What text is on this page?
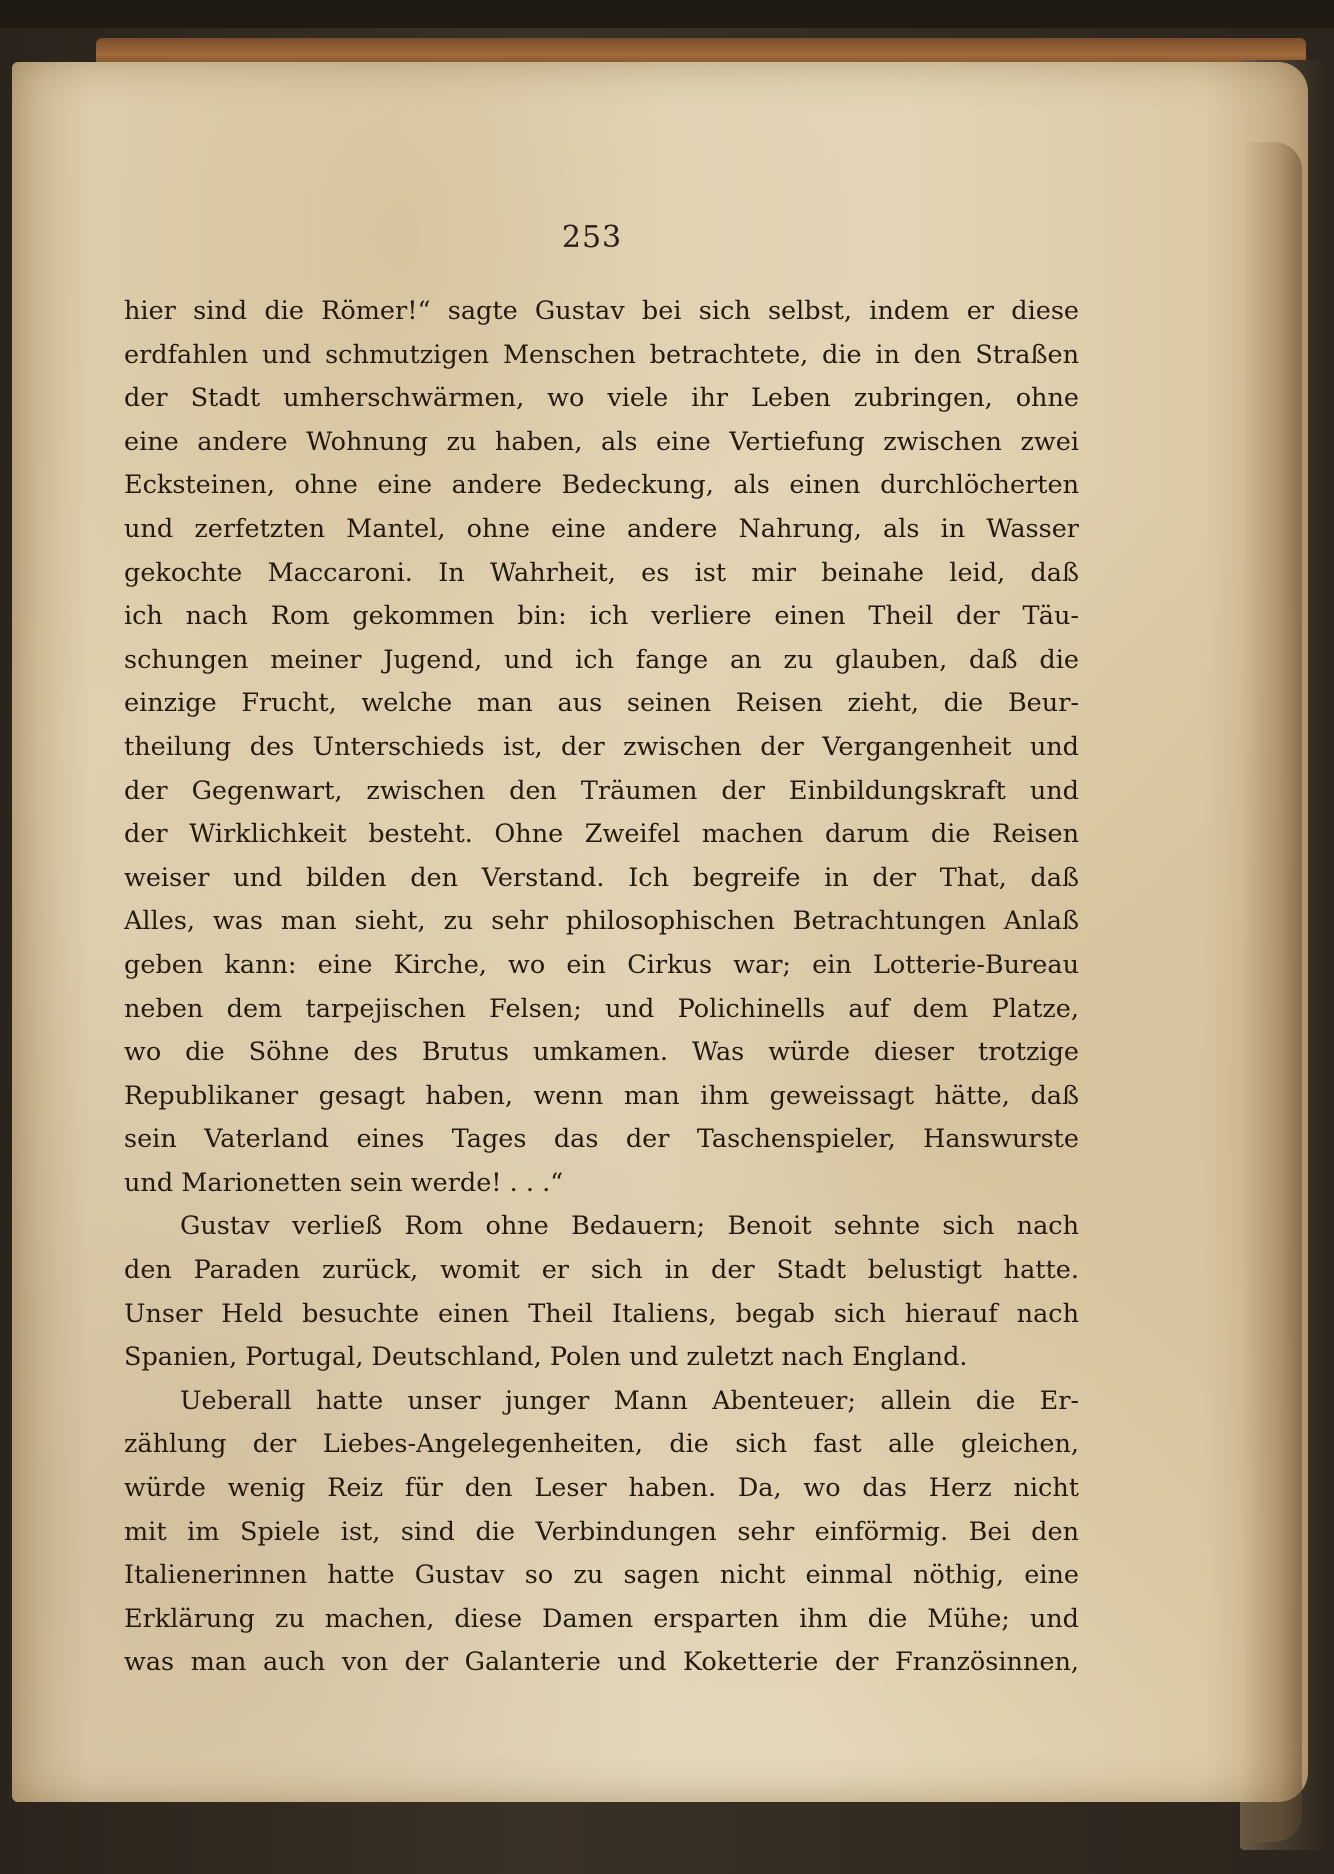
253
hier sind die Römer!“ sagte Gustav bei sich selbst, indem er diese
erdfahlen und schmutzigen Menschen betrachtete, die in den Straßen
der Stadt umherschwärmen, wo viele ihr Leben zubringen, ohne
eine andere Wohnung zu haben, als eine Vertiefung zwischen zwei
Ecksteinen, ohne eine andere Bedeckung, als einen durchlöcherten
und zerfetzten Mantel, ohne eine andere Nahrung, als in Wasser
gekochte Maccaroni. In Wahrheit, es ist mir beinahe leid, daß
ich nach Rom gekommen bin: ich verliere einen Theil der Täu-
schungen meiner Jugend, und ich fange an zu glauben, daß die
einzige Frucht, welche man aus seinen Reisen zieht, die Beur-
theilung des Unterschieds ist, der zwischen der Vergangenheit und
der Gegenwart, zwischen den Träumen der Einbildungskraft und
der Wirklichkeit besteht. Ohne Zweifel machen darum die Reisen
weiser und bilden den Verstand. Ich begreife in der That, daß
Alles, was man sieht, zu sehr philosophischen Betrachtungen Anlaß
geben kann: eine Kirche, wo ein Cirkus war; ein Lotterie-Bureau
neben dem tarpejischen Felsen; und Polichinells auf dem Platze,
wo die Söhne des Brutus umkamen. Was würde dieser trotzige
Republikaner gesagt haben, wenn man ihm geweissagt hätte, daß
sein Vaterland eines Tages das der Taschenspieler, Hanswurste
und Marionetten sein werde! . . .“
Gustav verließ Rom ohne Bedauern; Benoit sehnte sich nach
den Paraden zurück, womit er sich in der Stadt belustigt hatte.
Unser Held besuchte einen Theil Italiens, begab sich hierauf nach
Spanien, Portugal, Deutschland, Polen und zuletzt nach England.
Ueberall hatte unser junger Mann Abenteuer; allein die Er-
zählung der Liebes-Angelegenheiten, die sich fast alle gleichen,
würde wenig Reiz für den Leser haben. Da, wo das Herz nicht
mit im Spiele ist, sind die Verbindungen sehr einförmig. Bei den
Italienerinnen hatte Gustav so zu sagen nicht einmal nöthig, eine
Erklärung zu machen, diese Damen ersparten ihm die Mühe; und
was man auch von der Galanterie und Koketterie der Französinnen,
